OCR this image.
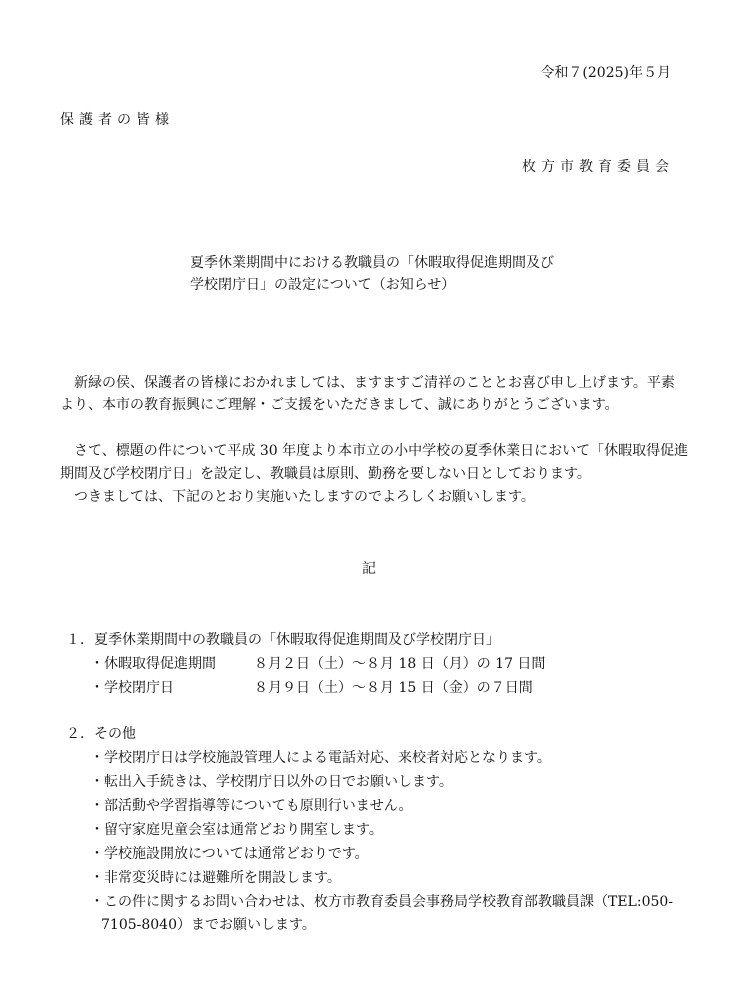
令和７(2025)年５月
保護者の皆様
枚方市教育委員会
夏季休業期間中における教職員の「休暇取得促進期間及び
学校閉庁日」の設定について（お知らせ）
　新緑の侯、保護者の皆様におかれましては、ますますご清祥のこととお喜び申し上げます。平素
より、本市の教育振興にご理解・ご支援をいただきまして、誠にありがとうございます。
　さて、標題の件について平成 30 年度より本市立の小中学校の夏季休業日において「休暇取得促進
期間及び学校閉庁日」を設定し、教職員は原則、勤務を要しない日としております。
　つきましては、下記のとおり実施いたしますのでよろしくお願いします。
記
１．夏季休業期間中の教職員の「休暇取得促進期間及び学校閉庁日」
・休暇取得促進期間	８月２日（土）～８月 18 日（月）の 17 日間
・学校閉庁日	８月９日（土）～８月 15 日（金）の７日間
２．その他
・学校閉庁日は学校施設管理人による電話対応、来校者対応となります。
・転出入手続きは、学校閉庁日以外の日でお願いします。
・部活動や学習指導等についても原則行いません。
・留守家庭児童会室は通常どおり開室します。
・学校施設開放については通常どおりです。
・非常変災時には避難所を開設します。
・この件に関するお問い合わせは、枚方市教育委員会事務局学校教育部教職員課（TEL:050-
7105-8040）までお願いします。
